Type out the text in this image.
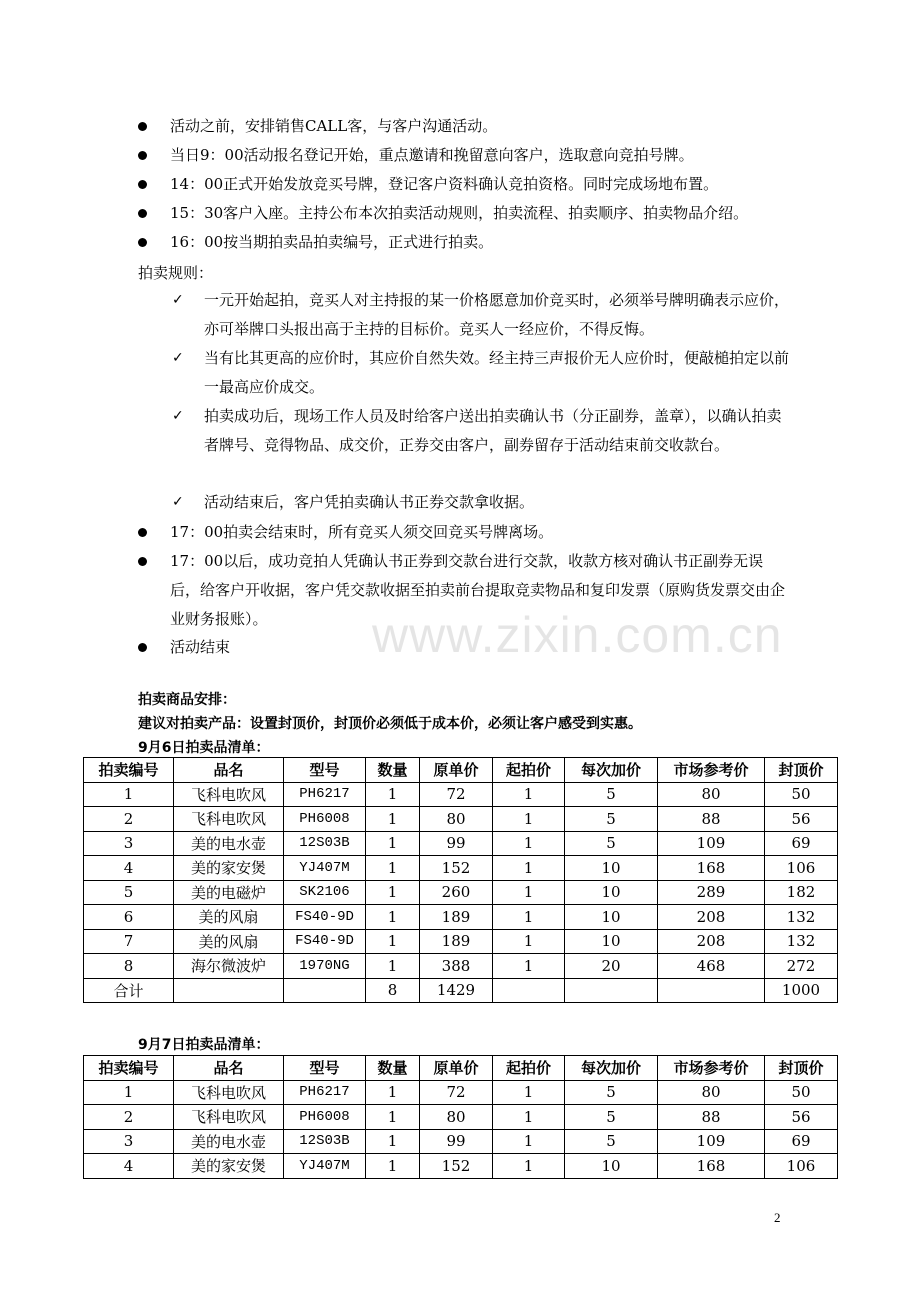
活动之前，安排销售CALL客，与客户沟通活动。
当日9：00活动报名登记开始，重点邀请和挽留意向客户，选取意向竞拍号牌。
14：00正式开始发放竞买号牌，登记客户资料确认竞拍资格。同时完成场地布置。
15：30客户入座。主持公布本次拍卖活动规则，拍卖流程、拍卖顺序、拍卖物品介绍。
16：00按当期拍卖品拍卖编号，正式进行拍卖。
拍卖规则：
✓ 一元开始起拍，竞买人对主持报的某一价格愿意加价竞买时，必须举号牌明确表示应价，亦可举牌口头报出高于主持的目标价。竞买人一经应价，不得反悔。
✓ 当有比其更高的应价时，其应价自然失效。经主持三声报价无人应价时，便敲槌拍定以前一最高应价成交。
✓ 拍卖成功后，现场工作人员及时给客户送出拍卖确认书（分正副券，盖章），以确认拍卖者牌号、竞得物品、成交价，正券交由客户，副券留存于活动结束前交收款台。
✓ 活动结束后，客户凭拍卖确认书正券交款拿收据。
17：00拍卖会结束时，所有竞买人须交回竞买号牌离场。
17：00以后，成功竞拍人凭确认书正券到交款台进行交款，收款方核对确认书正副券无误后，给客户开收据，客户凭交款收据至拍卖前台提取竞卖物品和复印发票（原购货发票交由企业财务报账）。
活动结束	www.zixin.com.cn
拍卖商品安排：
建议对拍卖产品：设置封顶价，封顶价必须低于成本价，必须让客户感受到实惠。
9月6日拍卖品清单：
拍卖编号	品名	型号	数量	原单价	起拍价	每次加价	市场参考价	封顶价
1	飞科电吹风	PH6217	1	72	1	5	80	50
2	飞科电吹风	PH6008	1	80	1	5	88	56
3	美的电水壶	12S03B	1	99	1	5	109	69
4	美的家安煲	YJ407M	1	152	1	10	168	106
5	美的电磁炉	SK2106	1	260	1	10	289	182
6	美的风扇	FS40-9D	1	189	1	10	208	132
7	美的风扇	FS40-9D	1	189	1	10	208	132
8	海尔微波炉	1970NG	1	388	1	20	468	272
合计			8	1429				1000
9月7日拍卖品清单：
拍卖编号	品名	型号	数量	原单价	起拍价	每次加价	市场参考价	封顶价
1	飞科电吹风	PH6217	1	72	1	5	80	50
2	飞科电吹风	PH6008	1	80	1	5	88	56
3	美的电水壶	12S03B	1	99	1	5	109	69
4	美的家安煲	YJ407M	1	152	1	10	168	106
2
